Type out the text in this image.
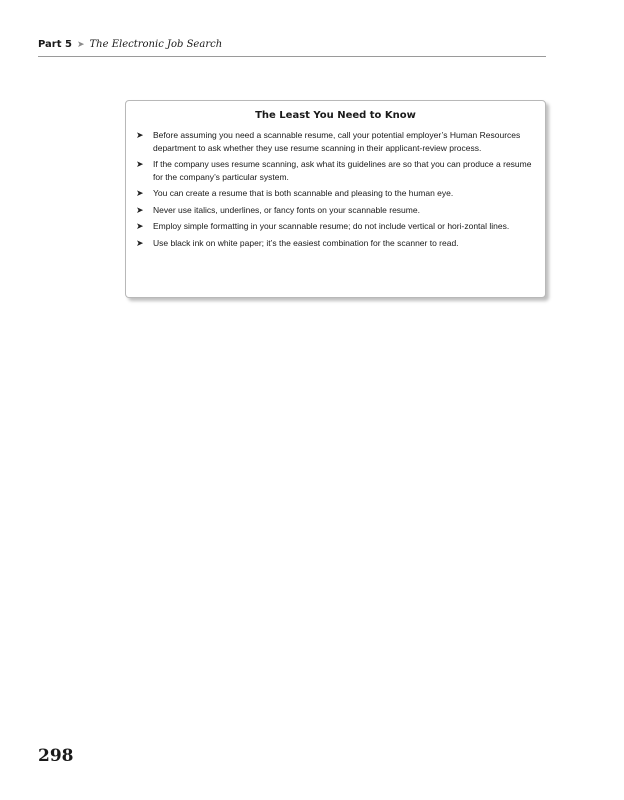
Part 5 ➤ The Electronic Job Search
The Least You Need to Know
➤ Before assuming you need a scannable resume, call your potential employer’s Human Resources department to ask whether they use resume scanning in their applicant-review process.
➤ If the company uses resume scanning, ask what its guidelines are so that you can produce a resume for the company’s particular system.
➤ You can create a resume that is both scannable and pleasing to the human eye.
➤ Never use italics, underlines, or fancy fonts on your scannable resume.
➤ Employ simple formatting in your scannable resume; do not include vertical or hori-zontal lines.
➤ Use black ink on white paper; it’s the easiest combination for the scanner to read.
298
